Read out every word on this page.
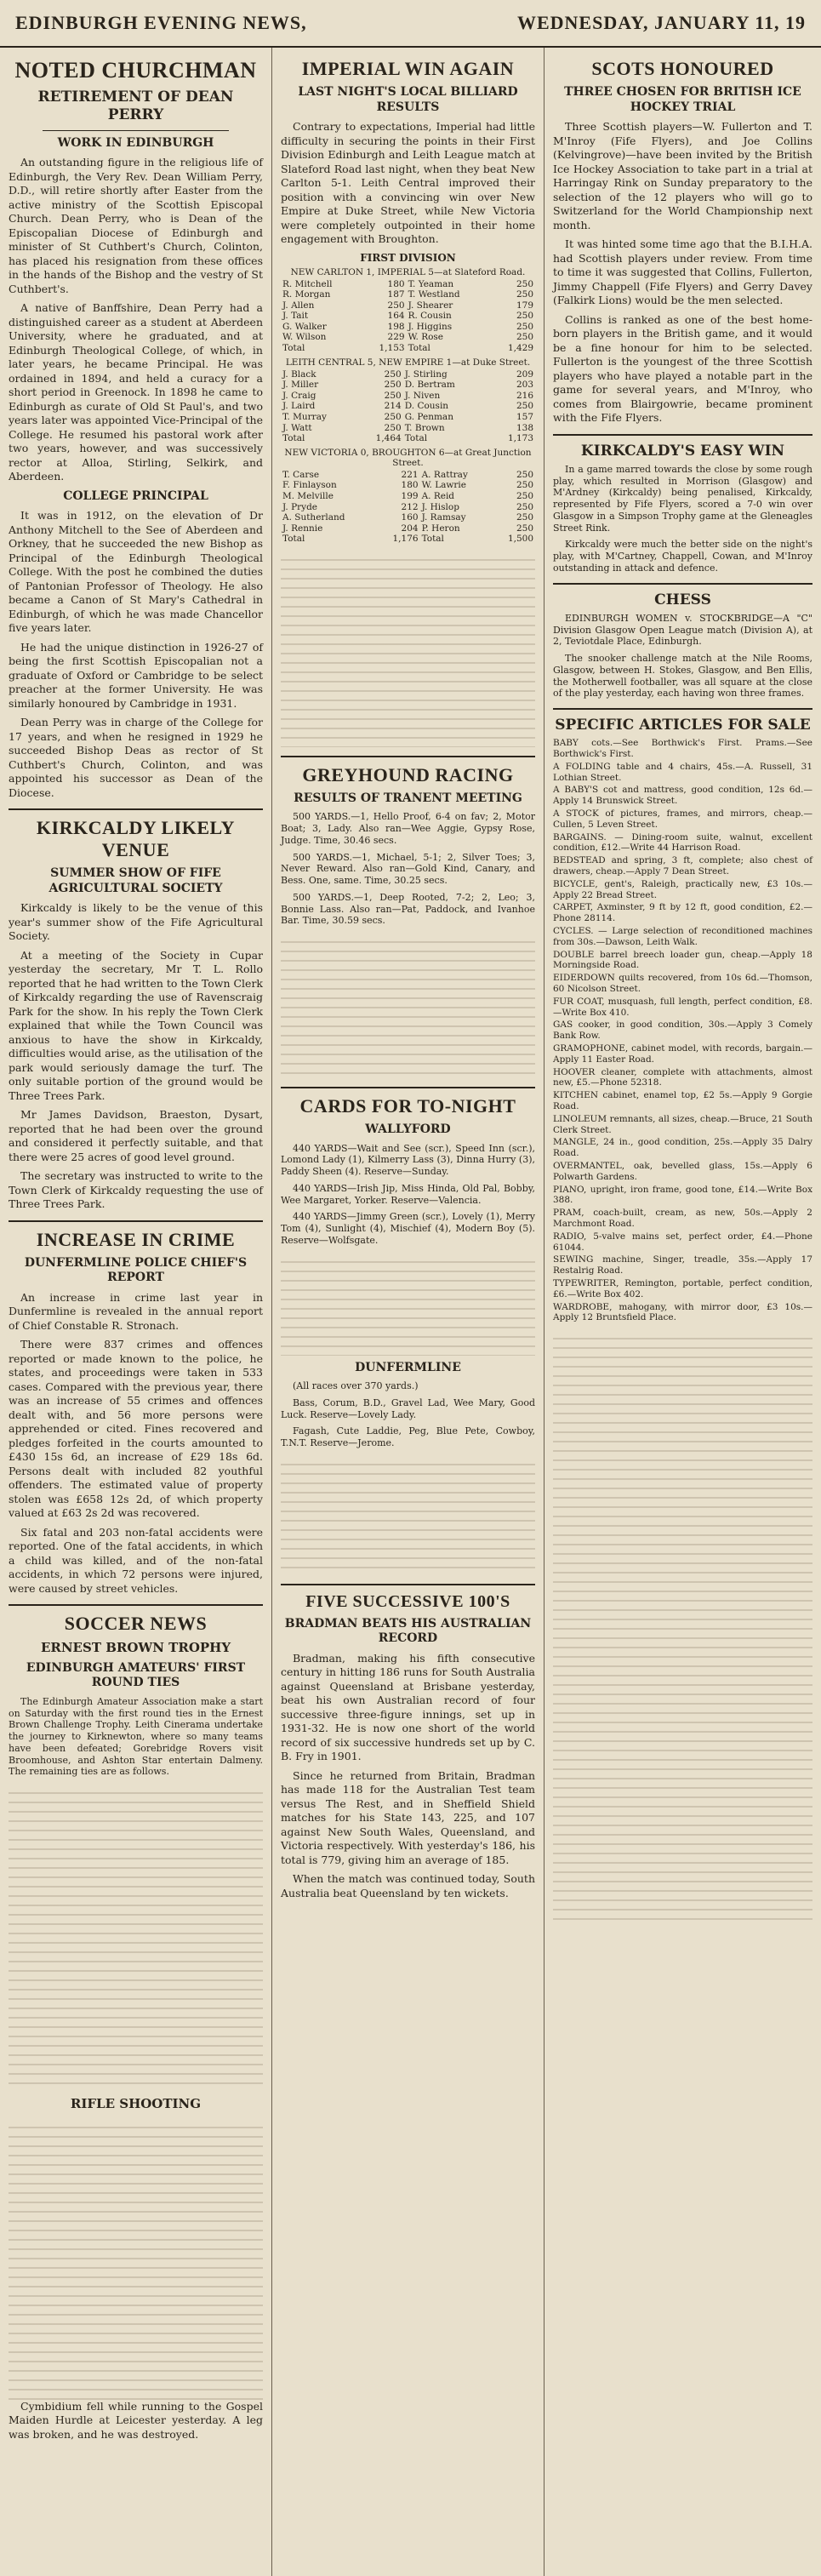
EDINBURGH EVENING NEWS,	WEDNESDAY, JANUARY 11, 19
NOTED CHURCHMAN
RETIREMENT OF DEAN PERRY
WORK IN EDINBURGH

An outstanding figure in the religious life of Edinburgh, the Very Rev. Dean William Perry, D.D., will retire shortly after Easter from the active ministry of the Scottish Episcopal Church. Dean Perry, who is Dean of the Episcopalian Diocese of Edinburgh and minister of St Cuthbert's Church, Colinton, has placed his resignation from these offices in the hands of the Bishop and the vestry of St Cuthbert's.

A native of Banffshire, Dean Perry had a distinguished career as a student at Aberdeen University, where he graduated, and at Edinburgh Theological College, of which, in later years, he became Principal. He was ordained in 1894, and held a curacy for a short period in Greenock. In 1898 he came to Edinburgh as curate of Old St Paul's, and two years later was appointed Vice-Principal of the College. He resumed his pastoral work after two years, however, and was successively rector at Alloa, Stirling, Selkirk, and Aberdeen.

COLLEGE PRINCIPAL

It was in 1912, on the elevation of Dr Anthony Mitchell to the See of Aberdeen and Orkney, that he succeeded the new Bishop as Principal of the Edinburgh Theological College. With the post he combined the duties of Pantonian Professor of Theology. He also became a Canon of St Mary's Cathedral in Edinburgh, of which he was made Chancellor five years later.

He had the unique distinction in 1926-27 of being the first Scottish Episcopalian not a graduate of Oxford or Cambridge to be select preacher at the former University. He was similarly honoured by Cambridge in 1931.

Dean Perry was in charge of the College for 17 years, and when he resigned in 1929 he succeeded Bishop Deas as rector of St Cuthbert's Church, Colinton, and was appointed his successor as Dean of the Diocese.

KIRKCALDY LIKELY VENUE
SUMMER SHOW OF FIFE AGRICULTURAL SOCIETY

Kirkcaldy is likely to be the venue of this year's summer show of the Fife Agricultural Society.

At a meeting of the Society in Cupar yesterday the secretary, Mr T. L. Rollo reported that he had written to the Town Clerk of Kirkcaldy regarding the use of Ravenscraig Park for the show. In his reply the Town Clerk explained that while the Town Council was anxious to have the show in Kirkcaldy, difficulties would arise, as the utilisation of the park would seriously damage the turf. The only suitable portion of the ground would be Three Trees Park.

Mr James Davidson, Braeston, Dysart, reported that he had been over the ground and considered it perfectly suitable, and that there were 25 acres of good level ground.

The secretary was instructed to write to the Town Clerk of Kirkcaldy requesting the use of Three Trees Park.

INCREASE IN CRIME
DUNFERMLINE POLICE CHIEF'S REPORT

An increase in crime last year in Dunfermline is revealed in the annual report of Chief Constable R. Stronach.

There were 837 crimes and offences reported or made known to the police, he states, and proceedings were taken in 533 cases. Compared with the previous year, there was an increase of 55 crimes and offences dealt with, and 56 more persons were apprehended or cited. Fines recovered and pledges forfeited in the courts amounted to £430 15s 6d, an increase of £29 18s 6d. Persons dealt with included 82 youthful offenders. The estimated value of property stolen was £658 12s 2d, of which property valued at £63 2s 2d was recovered.

Six fatal and 203 non-fatal accidents were reported. One of the fatal accidents, in which a child was killed, and of the non-fatal accidents, in which 72 persons were injured, were caused by street vehicles.

SOCCER NEWS
ERNEST BROWN TROPHY
EDINBURGH AMATEURS' FIRST ROUND TIES

The Edinburgh Amateur Association make a start on Saturday with the first round ties in the Ernest Brown Challenge Trophy. Leith Cinerama undertake the journey to Kirknewton, where so many teams have been defeated; Gorebridge Rovers visit Broomhouse, and Ashton Star entertain Dalmeny. The remaining ties are as follows.

RIFLE SHOOTING

Cymbidium fell while running to the Gospel Maiden Hurdle at Leicester yesterday. A leg was broken, and he was destroyed.

IMPERIAL WIN AGAIN
LAST NIGHT'S LOCAL BILLIARD RESULTS

Contrary to expectations, Imperial had little difficulty in securing the points in their First Division Edinburgh and Leith League match at Slateford Road last night, when they beat New Carlton 5-1. Leith Central improved their position with a convincing win over New Empire at Duke Street, while New Victoria were completely outpointed in their home engagement with Broughton.

FIRST DIVISION
NEW CARLTON 1, IMPERIAL 5—at Slateford Road.
R. Mitchell	180	T. Yeaman	250
R. Morgan	187	T. Westland	250
J. Allen	250	J. Shearer	179
J. Tait	164	R. Cousin	250
G. Walker	198	J. Higgins	250
W. Wilson	229	W. Rose	250
Total	1,153	Total	1,429
LEITH CENTRAL 5, NEW EMPIRE 1—at Duke Street.
J. Black	250	J. Stirling	209
J. Miller	250	D. Bertram	203
J. Craig	250	J. Niven	216
J. Laird	214	D. Cousin	250
T. Murray	250	G. Penman	157
J. Watt	250	T. Brown	138
Total	1,464	Total	1,173
NEW VICTORIA 0, BROUGHTON 6—at Great Junction Street.
T. Carse	221	A. Rattray	250
F. Finlayson	180	W. Lawrie	250
M. Melville	199	A. Reid	250
J. Pryde	212	J. Hislop	250
A. Sutherland	160	J. Ramsay	250
J. Rennie	204	P. Heron	250
Total	1,176	Total	1,500
GREYHOUND RACING
RESULTS OF TRANENT MEETING

500 YARDS.—1, Hello Proof, 6-4 on fav; 2, Motor Boat; 3, Lady. Also ran—Wee Aggie, Gypsy Rose, Judge. Time, 30.46 secs.

500 YARDS.—1, Michael, 5-1; 2, Silver Toes; 3, Never Reward. Also ran—Gold Kind, Canary, and Bess. One, same. Time, 30.25 secs.

500 YARDS.—1, Deep Rooted, 7-2; 2, Leo; 3, Bonnie Lass. Also ran—Pat, Paddock, and Ivanhoe Bar. Time, 30.59 secs.

CARDS FOR TO-NIGHT
WALLYFORD

440 YARDS—Wait and See (scr.), Speed Inn (scr.), Lomond Lady (1), Kilmerry Lass (3), Dinna Hurry (3), Paddy Sheen (4). Reserve—Sunday.

440 YARDS—Irish Jip, Miss Hinda, Old Pal, Bobby, Wee Margaret, Yorker. Reserve—Valencia.

440 YARDS—Jimmy Green (scr.), Lovely (1), Merry Tom (4), Sunlight (4), Mischief (4), Modern Boy (5). Reserve—Wolfsgate.

DUNFERMLINE

(All races over 370 yards.)

Bass, Corum, B.D., Gravel Lad, Wee Mary, Good Luck. Reserve—Lovely Lady.

Fagash, Cute Laddie, Peg, Blue Pete, Cowboy, T.N.T. Reserve—Jerome.

FIVE SUCCESSIVE 100'S
BRADMAN BEATS HIS AUSTRALIAN RECORD

Bradman, making his fifth consecutive century in hitting 186 runs for South Australia against Queensland at Brisbane yesterday, beat his own Australian record of four successive three-figure innings, set up in 1931-32. He is now one short of the world record of six successive hundreds set up by C. B. Fry in 1901.

Since he returned from Britain, Bradman has made 118 for the Australian Test team versus The Rest, and in Sheffield Shield matches for his State 143, 225, and 107 against New South Wales, Queensland, and Victoria respectively. With yesterday's 186, his total is 779, giving him an average of 185.

When the match was continued today, South Australia beat Queensland by ten wickets.

SCOTS HONOURED
THREE CHOSEN FOR BRITISH ICE HOCKEY TRIAL

Three Scottish players—W. Fullerton and T. M'Inroy (Fife Flyers), and Joe Collins (Kelvingrove)—have been invited by the British Ice Hockey Association to take part in a trial at Harringay Rink on Sunday preparatory to the selection of the 12 players who will go to Switzerland for the World Championship next month.

It was hinted some time ago that the B.I.H.A. had Scottish players under review. From time to time it was suggested that Collins, Fullerton, Jimmy Chappell (Fife Flyers) and Gerry Davey (Falkirk Lions) would be the men selected.

Collins is ranked as one of the best home-born players in the British game, and it would be a fine honour for him to be selected. Fullerton is the youngest of the three Scottish players who have played a notable part in the game for several years, and M'Inroy, who comes from Blairgowrie, became prominent with the Fife Flyers.

KIRKCALDY'S EASY WIN

In a game marred towards the close by some rough play, which resulted in Morrison (Glasgow) and M'Ardney (Kirkcaldy) being penalised, Kirkcaldy, represented by Fife Flyers, scored a 7-0 win over Glasgow in a Simpson Trophy game at the Gleneagles Street Rink.

Kirkcaldy were much the better side on the night's play, with M'Cartney, Chappell, Cowan, and M'Inroy outstanding in attack and defence.

CHESS

EDINBURGH WOMEN v. STOCKBRIDGE—A "C" Division Glasgow Open League match (Division A), at 2, Teviotdale Place, Edinburgh.

The snooker challenge match at the Nile Rooms, Glasgow, between H. Stokes, Glasgow, and Ben Ellis, the Motherwell footballer, was all square at the close of the play yesterday, each having won three frames.

SPECIFIC ARTICLES FOR SALE

BABY cots.—See Borthwick's First. Prams.—See Borthwick's First.

A FOLDING table and 4 chairs, 45s.—A. Russell, 31 Lothian Street.

A BABY'S cot and mattress, good condition, 12s 6d.—Apply 14 Brunswick Street.

A STOCK of pictures, frames, and mirrors, cheap.—Cullen, 5 Leven Street.

BARGAINS. — Dining-room suite, walnut, excellent condition, £12.—Write 44 Harrison Road.

BEDSTEAD and spring, 3 ft, complete; also chest of drawers, cheap.—Apply 7 Dean Street.

BICYCLE, gent's, Raleigh, practically new, £3 10s.—Apply 22 Bread Street.

CARPET, Axminster, 9 ft by 12 ft, good condition, £2.—Phone 28114.

CYCLES. — Large selection of reconditioned machines from 30s.—Dawson, Leith Walk.

DOUBLE barrel breech loader gun, cheap.—Apply 18 Morningside Road.

EIDERDOWN quilts recovered, from 10s 6d.—Thomson, 60 Nicolson Street.

FUR COAT, musquash, full length, perfect condition, £8.—Write Box 410.

GAS cooker, in good condition, 30s.—Apply 3 Comely Bank Row.

GRAMOPHONE, cabinet model, with records, bargain.—Apply 11 Easter Road.

HOOVER cleaner, complete with attachments, almost new, £5.—Phone 52318.

KITCHEN cabinet, enamel top, £2 5s.—Apply 9 Gorgie Road.

LINOLEUM remnants, all sizes, cheap.—Bruce, 21 South Clerk Street.

MANGLE, 24 in., good condition, 25s.—Apply 35 Dalry Road.

OVERMANTEL, oak, bevelled glass, 15s.—Apply 6 Polwarth Gardens.

PIANO, upright, iron frame, good tone, £14.—Write Box 388.

PRAM, coach-built, cream, as new, 50s.—Apply 2 Marchmont Road.

RADIO, 5-valve mains set, perfect order, £4.—Phone 61044.

SEWING machine, Singer, treadle, 35s.—Apply 17 Restalrig Road.

TYPEWRITER, Remington, portable, perfect condition, £6.—Write Box 402.

WARDROBE, mahogany, with mirror door, £3 10s.—Apply 12 Bruntsfield Place.
